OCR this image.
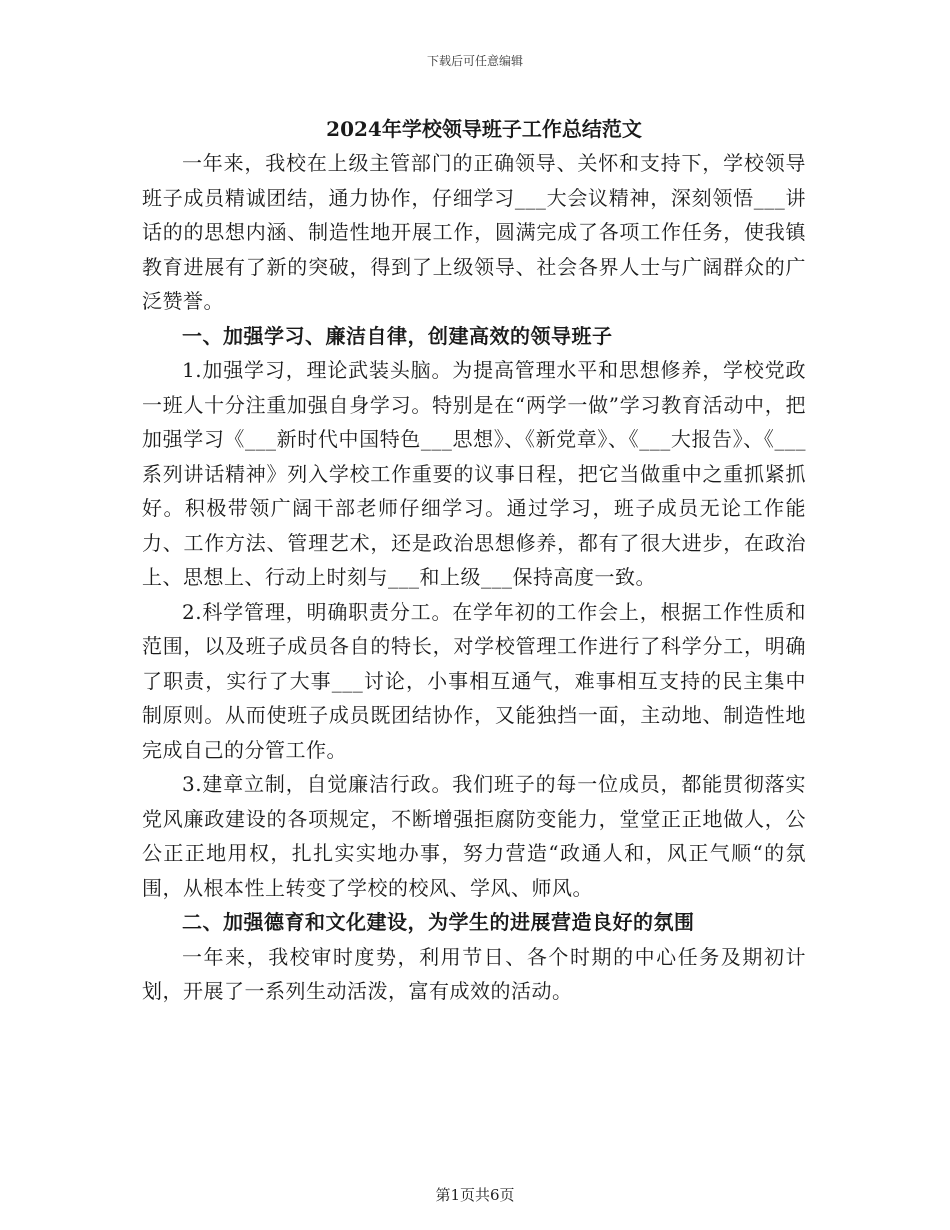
下载后可任意编辑
2024年学校领导班子工作总结范文

一年来，我校在上级主管部门的正确领导、关怀和支持下，学校领导班子成员精诚团结，通力协作，仔细学习___大会议精神，深刻领悟___讲话的的思想内涵、制造性地开展工作，圆满完成了各项工作任务，使我镇教育进展有了新的突破，得到了上级领导、社会各界人士与广阔群众的广泛赞誉。

一、加强学习、廉洁自律，创建高效的领导班子

1.加强学习，理论武装头脑。为提高管理水平和思想修养，学校党政一班人十分注重加强自身学习。特别是在“两学一做”学习教育活动中，把加强学习《___新时代中国特色___思想》、《新党章》、《___大报告》、《___系列讲话精神》列入学校工作重要的议事日程，把它当做重中之重抓紧抓好。积极带领广阔干部老师仔细学习。通过学习，班子成员无论工作能力、工作方法、管理艺术，还是政治思想修养，都有了很大进步，在政治上、思想上、行动上时刻与___和上级___保持高度一致。

2.科学管理，明确职责分工。在学年初的工作会上，根据工作性质和范围，以及班子成员各自的特长，对学校管理工作进行了科学分工，明确了职责，实行了大事___讨论，小事相互通气，难事相互支持的民主集中制原则。从而使班子成员既团结协作，又能独挡一面，主动地、制造性地完成自己的分管工作。

3.建章立制，自觉廉洁行政。我们班子的每一位成员，都能贯彻落实党风廉政建设的各项规定，不断增强拒腐防变能力，堂堂正正地做人，公公正正地用权，扎扎实实地办事，努力营造“政通人和，风正气顺“的氛围，从根本性上转变了学校的校风、学风、师风。

二、加强德育和文化建设，为学生的进展营造良好的氛围

一年来，我校审时度势，利用节日、各个时期的中心任务及期初计划，开展了一系列生动活泼，富有成效的活动。

第1页共6页
